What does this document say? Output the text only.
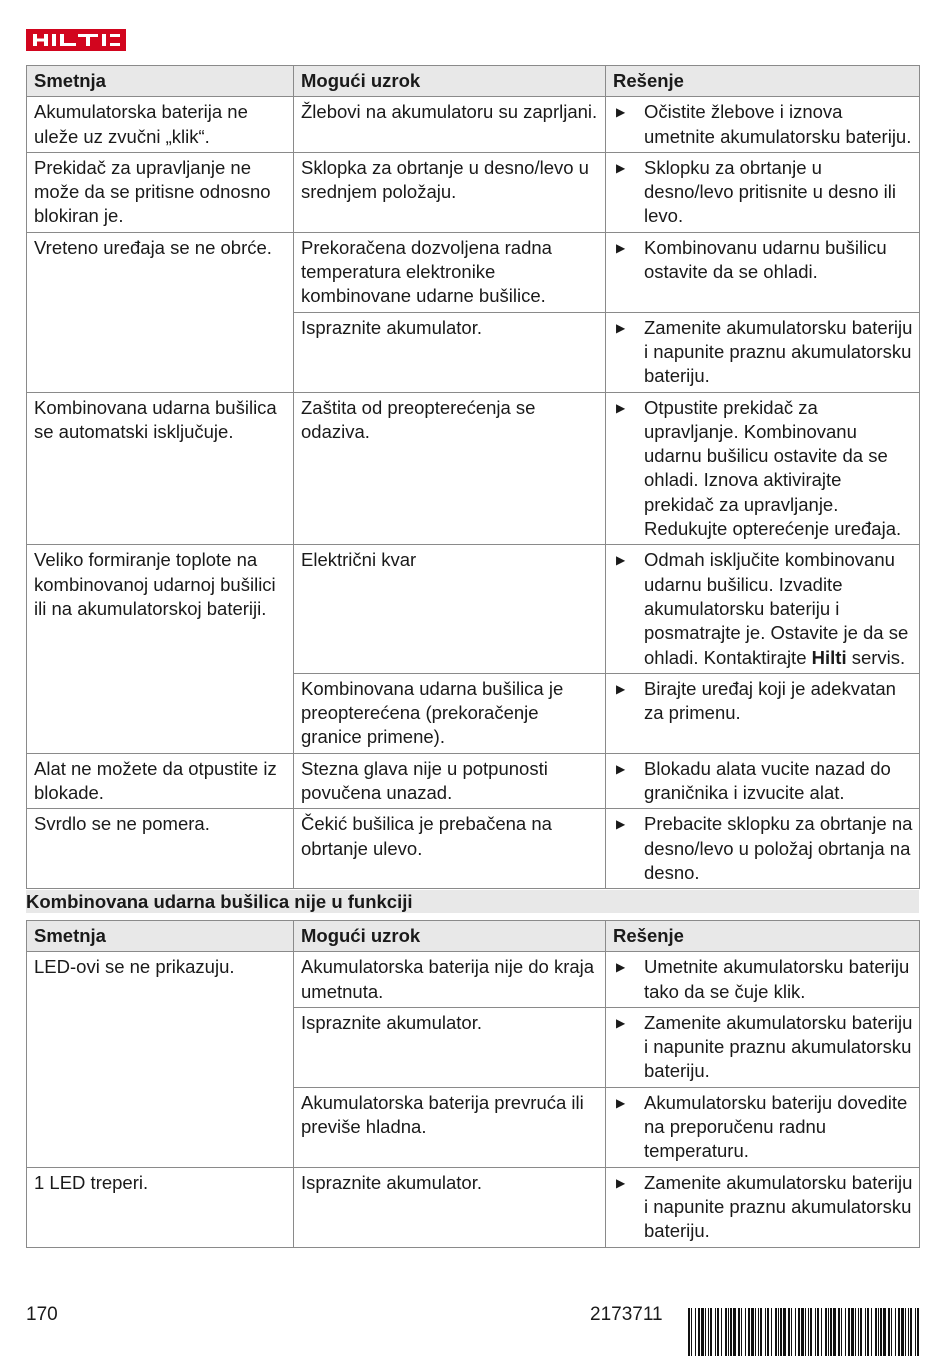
Smetnja	Mogući uzrok	Rešenje
Akumulatorska baterija ne uleže uz zvučni „klik“.	Žlebovi na akumulatoru su zaprljani.	▶ Očistite žlebove i iznova umetnite akumulatorsku bateriju.

Prekidač za upravljanje ne može da se pritisne odnosno blokiran je.	Sklopka za obrtanje u desno/levo u srednjem položaju.	▶ Sklopku za obrtanje u desno/levo pritisnite u desno ili levo.

Vreteno uređaja se ne obrće.	Prekoračena dozvoljena radna temperatura elektronike kombinovane udarne bušilice.	▶ Kombinovanu udarnu bušilicu ostavite da se ohladi.

	Ispraznite akumulator.	▶ Zamenite akumulatorsku bateriju i napunite praznu akumulatorsku bateriju.

Kombinovana udarna bušilica se automatski isključuje.	Zaštita od preopterećenja se odaziva.	▶ Otpustite prekidač za upravljanje. Kombinovanu udarnu bušilicu ostavite da se ohladi. Iznova aktivirajte prekidač za upravljanje. Redukujte opterećenje uređaja.

Veliko formiranje toplote na kombinovanoj udarnoj bušilici ili na akumulatorskoj bateriji.	Električni kvar	▶ Odmah isključite kombinovanu udarnu bušilicu. Izvadite akumulatorsku bateriju i posmatrajte je. Ostavite je da se ohladi. Kontaktirajte Hilti servis.

	Kombinovana udarna bušilica je preopterećena (prekoračenje granice primene).	▶ Birajte uređaj koji je adekvatan za primenu.

Alat ne možete da otpustite iz blokade.	Stezna glava nije u potpunosti povučena unazad.	▶ Blokadu alata vucite nazad do graničnika i izvucite alat.

Svrdlo se ne pomera.	Čekić bušilica je prebačena na obrtanje ulevo.	▶ Prebacite sklopku za obrtanje na desno/levo u položaj obrtanja na desno.
Kombinovana udarna bušilica nije u funkciji
Smetnja	Mogući uzrok	Rešenje
LED-ovi se ne prikazuju.	Akumulatorska baterija nije do kraja umetnuta.	▶ Umetnite akumulatorsku bateriju tako da se čuje klik.

	Ispraznite akumulator.	▶ Zamenite akumulatorsku bateriju i napunite praznu akumulatorsku bateriju.

	Akumulatorska baterija prevruća ili previše hladna.	▶ Akumulatorsku bateriju dovedite na preporučenu radnu temperaturu.

1 LED treperi.	Ispraznite akumulator.	▶ Zamenite akumulatorsku bateriju i napunite praznu akumulatorsku bateriju.
170	2173711
